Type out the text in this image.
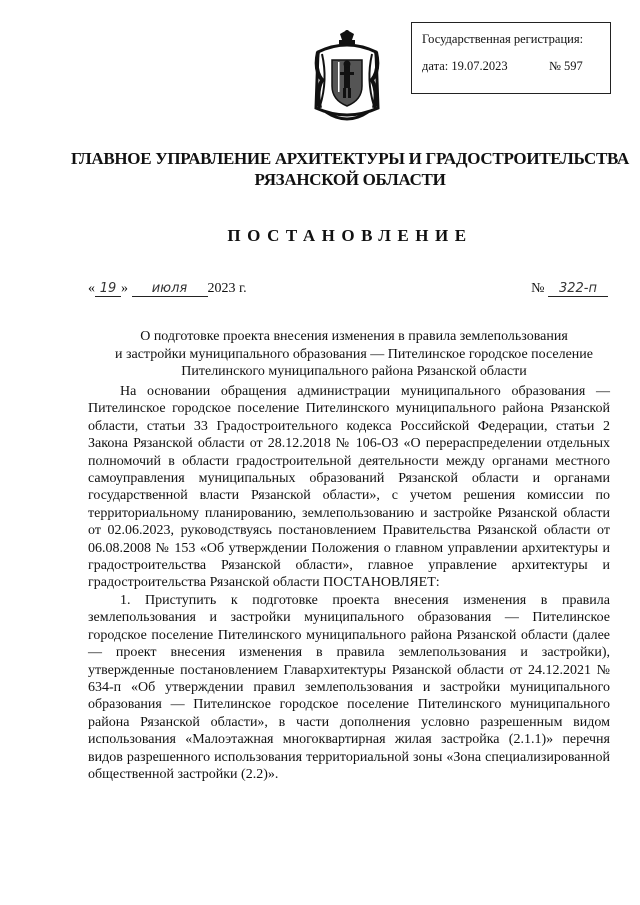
Государственная регистрация:
дата: 19.07.2023	№ 597
ГЛАВНОЕ УПРАВЛЕНИЕ АРХИТЕКТУРЫ И ГРАДОСТРОИТЕЛЬСТВА
РЯЗАНСКОЙ ОБЛАСТИ
ПОСТАНОВЛЕНИЕ
« 19 » июля 2023 г.	№ 322-п
О подготовке проекта внесения изменения в правила землепользования
и застройки муниципального образования — Пителинское городское поселение
Пителинского муниципального района Рязанской области

На основании обращения администрации муниципального образования — Пителинское городское поселение Пителинского муниципального района Рязанской области, статьи 33 Градостроительного кодекса Российской Федерации, статьи 2 Закона Рязанской области от 28.12.2018 № 106-ОЗ «О перераспределении отдельных полномочий в области градостроительной деятельности между органами местного самоуправления муниципальных образований Рязанской области и органами государственной власти Рязанской области», с учетом решения комиссии по территориальному планированию, землепользованию и застройке Рязанской области от 02.06.2023, руководствуясь постановлением Правительства Рязанской области от 06.08.2008 № 153 «Об утверждении Положения о главном управлении архитектуры и градостроительства Рязанской области», главное управление архитектуры и градостроительства Рязанской области ПОСТАНОВЛЯЕТ:

1. Приступить к подготовке проекта внесения изменения в правила землепользования и застройки муниципального образования — Пителинское городское поселение Пителинского муниципального района Рязанской области (далее — проект внесения изменения в правила землепользования и застройки), утвержденные постановлением Главархитектуры Рязанской области от 24.12.2021 № 634-п «Об утверждении правил землепользования и застройки муниципального образования — Пителинское городское поселение Пителинского муниципального района Рязанской области», в части дополнения условно разрешенным видом использования «Малоэтажная многоквартирная жилая застройка (2.1.1)» перечня видов разрешенного использования территориальной зоны «Зона специализированной общественной застройки (2.2)».
